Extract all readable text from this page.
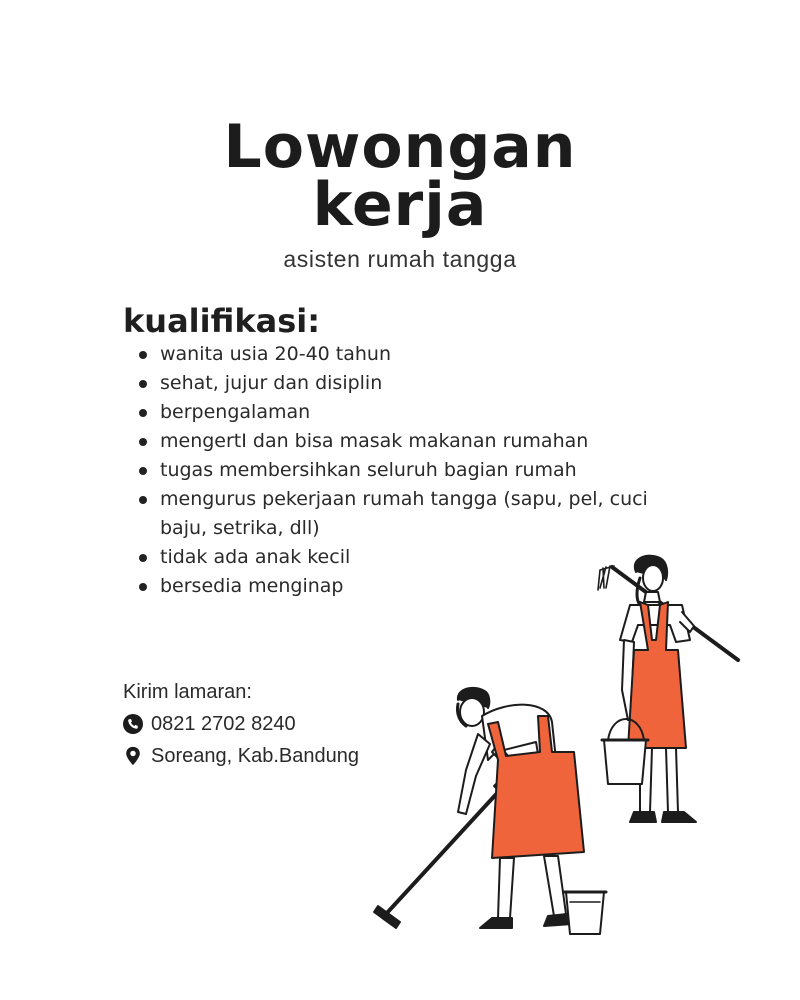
Lowongan

kerja
asisten rumah tangga
kualifikasi:
wanita usia 20-40 tahun
sehat, jujur dan disiplin
berpengalaman
mengertI dan bisa masak makanan rumahan
tugas membersihkan seluruh bagian rumah
mengurus pekerjaan rumah tangga (sapu, pel, cuci baju, setrika, dll)
tidak ada anak kecil
bersedia menginap
Kirim lamaran:
0821 2702 8240
Soreang, Kab.Bandung
